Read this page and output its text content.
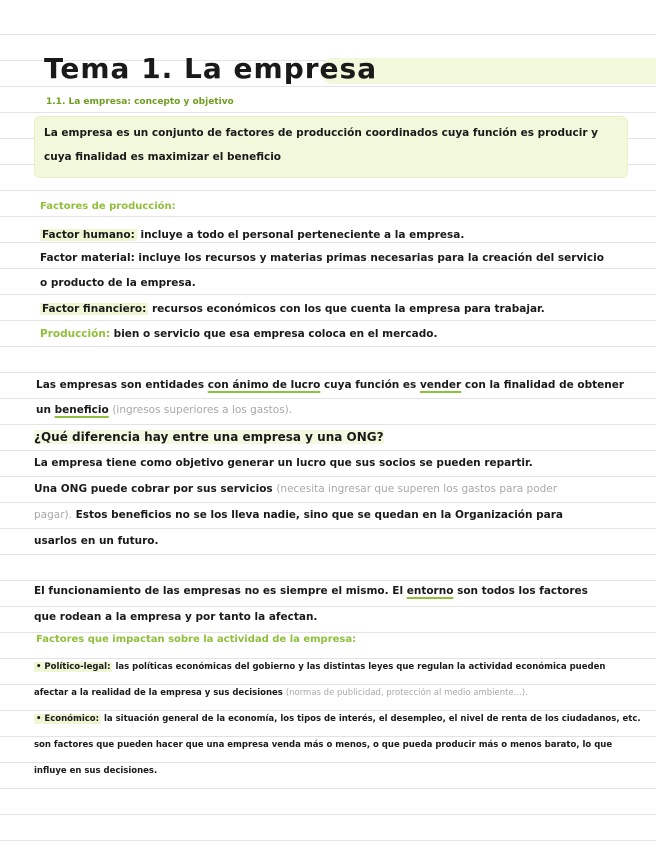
Tema 1. La empresa
1.1. La empresa: concepto y objetivo
La empresa es un conjunto de factores de producción coordinados cuya función es producir y cuya finalidad es maximizar el beneficio
Factores de producción:
Factor humano: incluye a todo el personal perteneciente a la empresa.
Factor material: incluye los recursos y materias primas necesarias para la creación del servicio
o producto de la empresa.
Factor financiero: recursos económicos con los que cuenta la empresa para trabajar.
Producción: bien o servicio que esa empresa coloca en el mercado.
Las empresas son entidades con ánimo de lucro cuya función es vender con la finalidad de obtener
un beneficio (ingresos superiores a los gastos).
¿Qué diferencia hay entre una empresa y una ONG?
La empresa tiene como objetivo generar un lucro que sus socios se pueden repartir.
Una ONG puede cobrar por sus servicios (necesita ingresar que superen los gastos para poder
pagar). Estos beneficios no se los lleva nadie, sino que se quedan en la Organización para
usarlos en un futuro.
El funcionamiento de las empresas no es siempre el mismo. El entorno son todos los factores
que rodean a la empresa y por tanto la afectan.
Factores que impactan sobre la actividad de la empresa:
• Político-legal: las políticas económicas del gobierno y las distintas leyes que regulan la actividad económica pueden
afectar a la realidad de la empresa y sus decisiones (normas de publicidad, protección al medio ambiente...).
• Económico: la situación general de la economía, los tipos de interés, el desempleo, el nivel de renta de los ciudadanos, etc.
son factores que pueden hacer que una empresa venda más o menos, o que pueda producir más o menos barato, lo que
influye en sus decisiones.
